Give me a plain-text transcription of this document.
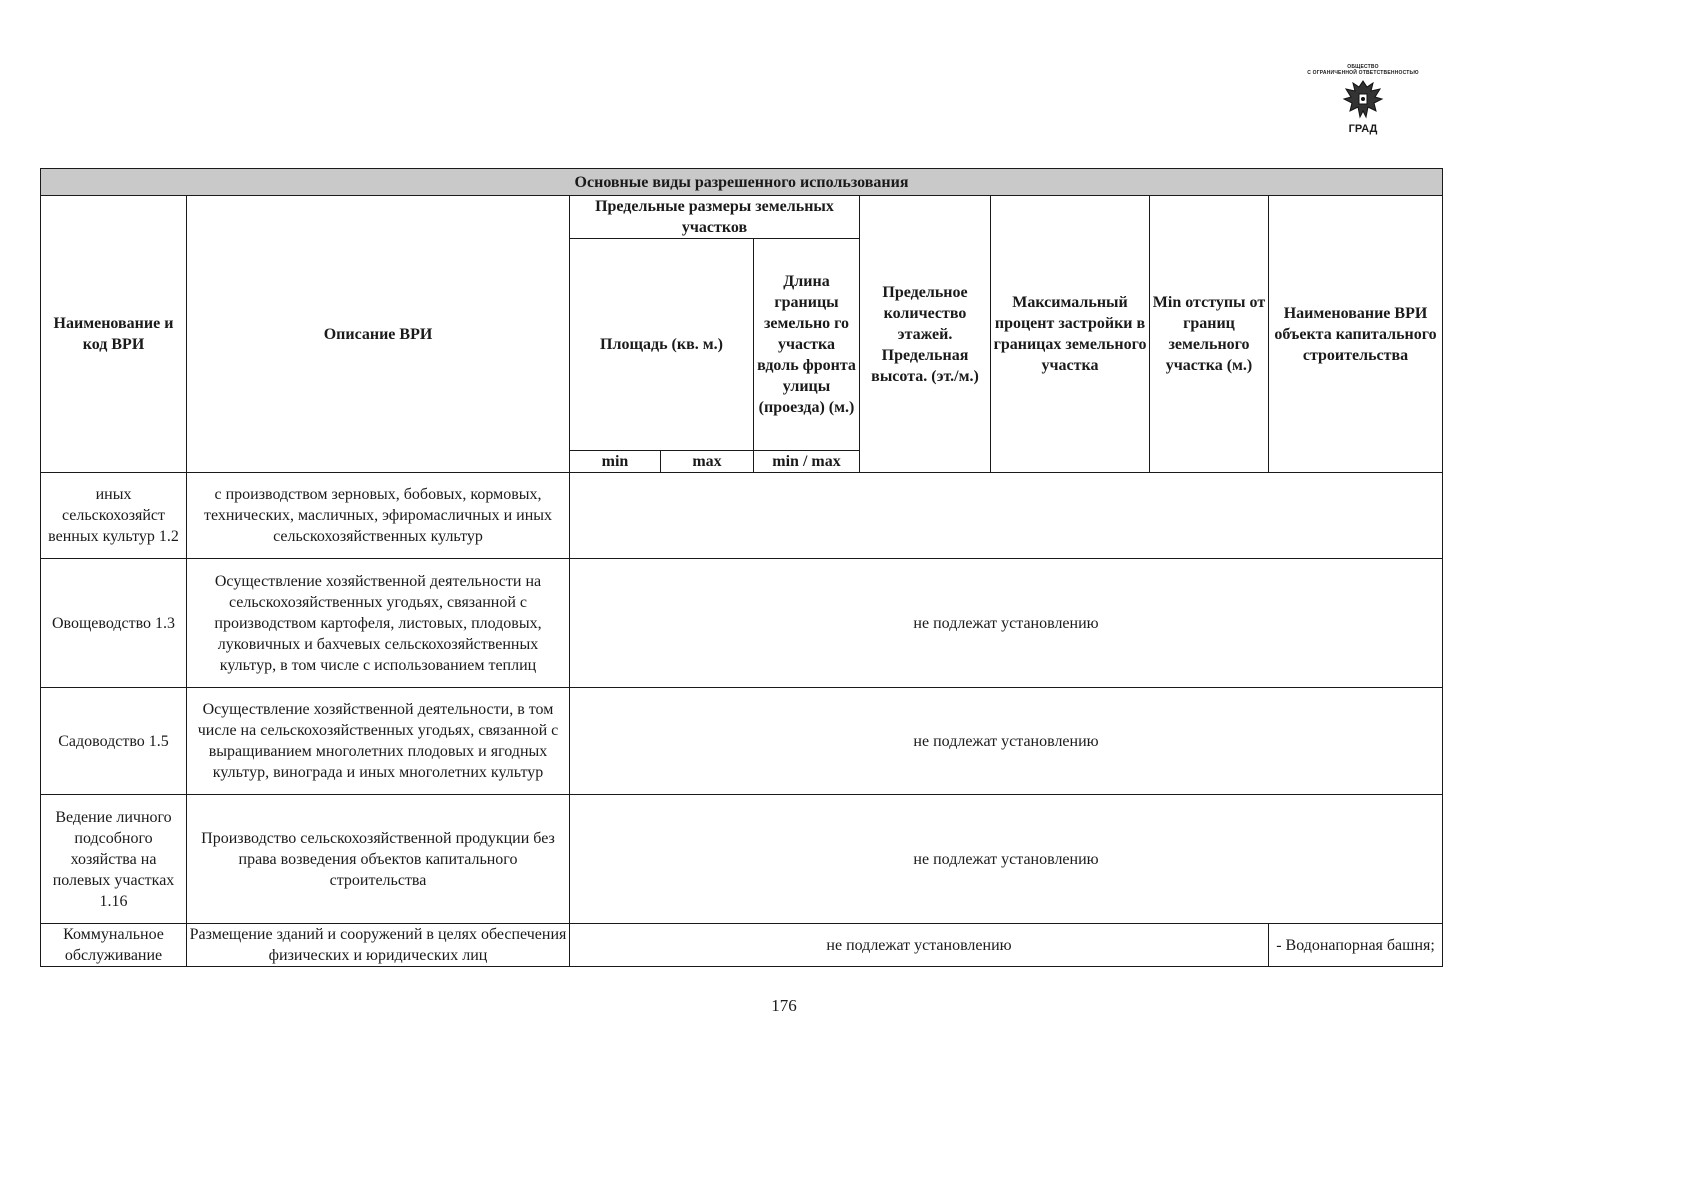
ОБЩЕСТВО
С ОГРАНИЧЕННОЙ ОТВЕТСТВЕННОСТЬЮ
ГРАД
Основные виды разрешенного использования								
Наименование и код ВРИ	Описание ВРИ	Предельные размеры земельных участков			Предельное количество этажей. Предельная высота. (эт./м.)	Максимальный процент застройки в границах земельного участка	Min отступы от границ земельного участка (м.)	Наименование ВРИ объекта капитального строительства
		Площадь (кв. м.)		Длина границы земельно го участка вдоль фронта улицы (проезда) (м.)				
		min	max	min / max				
иных сельскохозяйст венных культур 1.2	с производством зерновых, бобовых, кормовых, технических, масличных, эфиромасличных и иных сельскохозяйственных культур							
Овощеводство 1.3	Осуществление хозяйственной деятельности на сельскохозяйственных угодьях, связанной с производством картофеля, листовых, плодовых, луковичных и бахчевых сельскохозяйственных культур, в том числе с использованием теплиц	не подлежат установлению						
Садоводство 1.5	Осуществление хозяйственной деятельности, в том числе на сельскохозяйственных угодьях, связанной с выращиванием многолетних плодовых и ягодных культур, винограда и иных многолетних культур	не подлежат установлению						
Ведение личного подсобного хозяйства на полевых участках 1.16	Производство сельскохозяйственной продукции без права возведения объектов капитального строительства	не подлежат установлению						
Коммунальное обслуживание	Размещение зданий и сооружений в целях обеспечения физических и юридических лиц	не подлежат установлению						- Водонапорная башня;
176
